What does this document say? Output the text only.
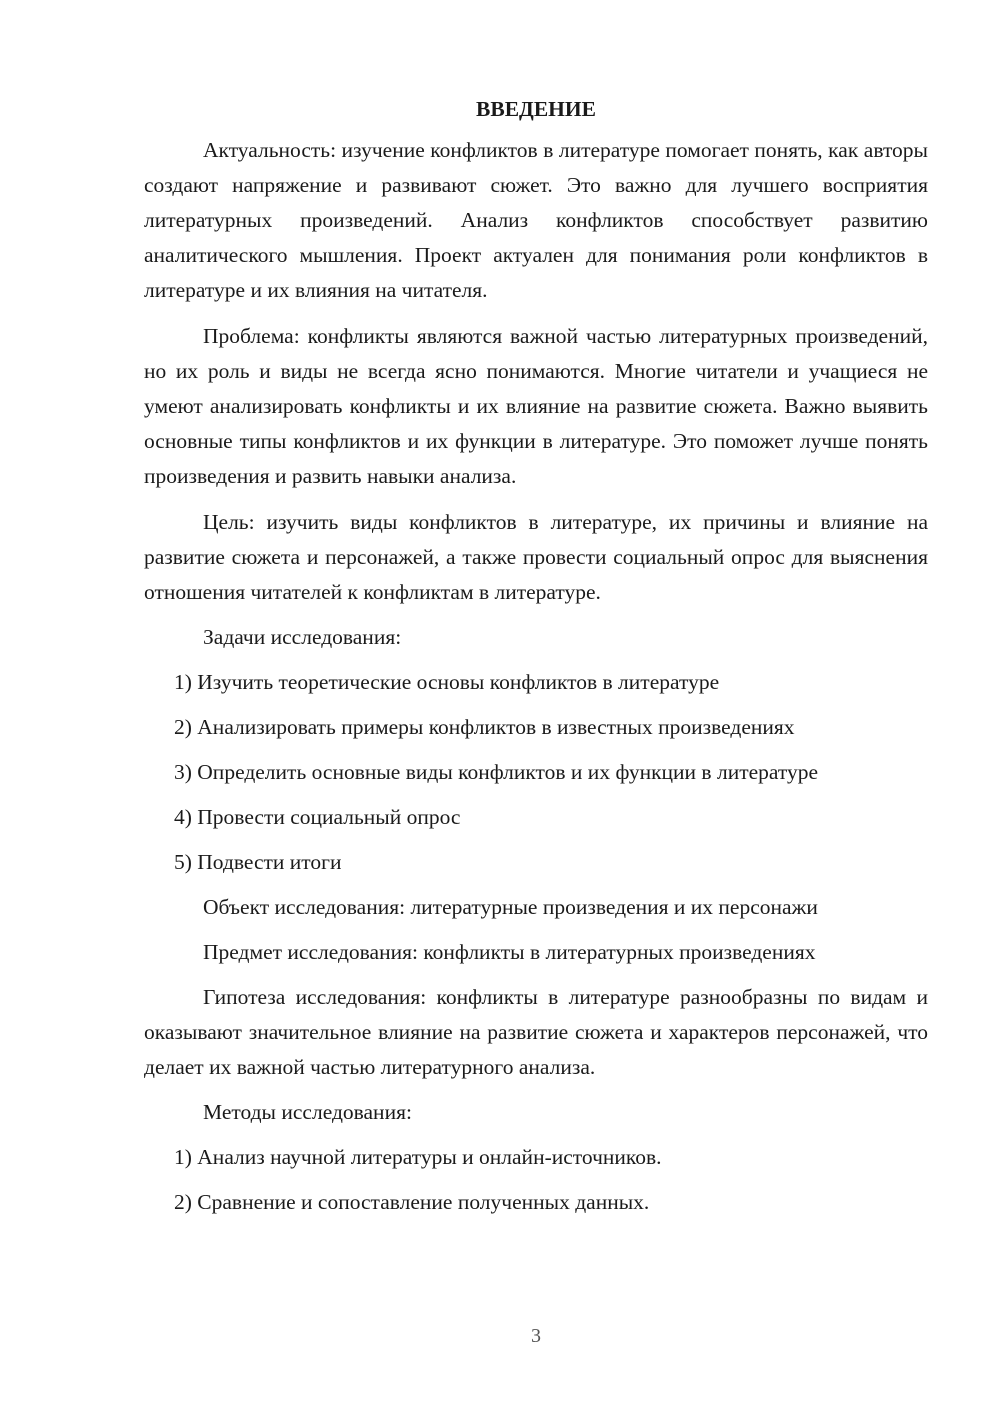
ВВЕДЕНИЕ

Актуальность: изучение конфликтов в литературе помогает понять, как авторы создают напряжение и развивают сюжет. Это важно для лучшего восприятия литературных произведений. Анализ конфликтов способствует развитию аналитического мышления. Проект актуален для понимания роли конфликтов в литературе и их влияния на читателя.

Проблема: конфликты являются важной частью литературных произведений, но их роль и виды не всегда ясно понимаются. Многие читатели и учащиеся не умеют анализировать конфликты и их влияние на развитие сюжета. Важно выявить основные типы конфликтов и их функции в литературе. Это поможет лучше понять произведения и развить навыки анализа.

Цель: изучить виды конфликтов в литературе, их причины и влияние на развитие сюжета и персонажей, а также провести социальный опрос для выяснения отношения читателей к конфликтам в литературе.

Задачи исследования:
1) Изучить теоретические основы конфликтов в литературе
2) Анализировать примеры конфликтов в известных произведениях
3) Определить основные виды конфликтов и их функции в литературе
4) Провести социальный опрос
5) Подвести итоги
Объект исследования: литературные произведения и их персонажи
Предмет исследования: конфликты в литературных произведениях

Гипотеза исследования: конфликты в литературе разнообразны по видам и оказывают значительное влияние на развитие сюжета и характеров персонажей, что делает их важной частью литературного анализа.

Методы исследования:
1) Анализ научной литературы и онлайн-источников.
2) Сравнение и сопоставление полученных данных.
3
